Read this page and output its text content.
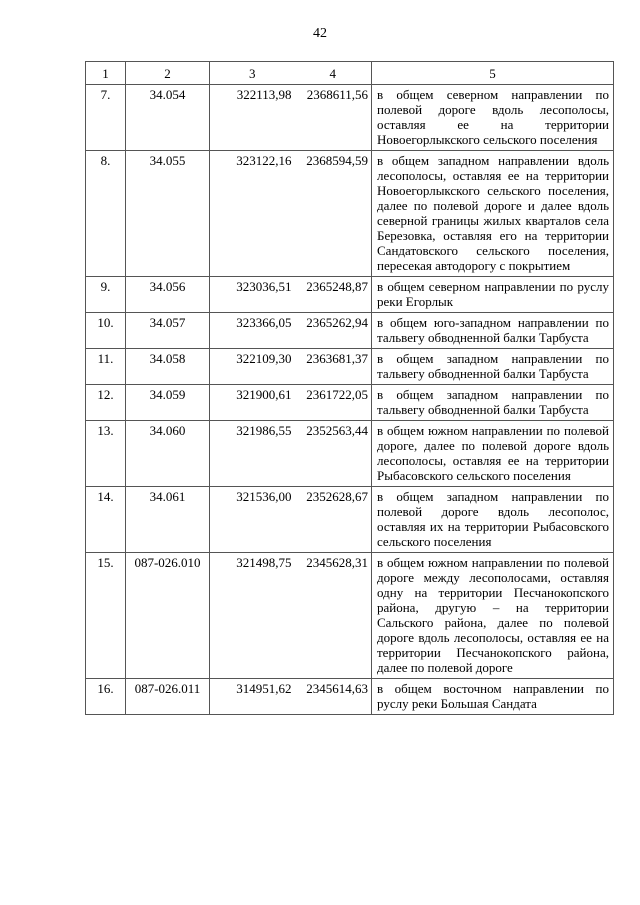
42
1	2	3	4	5
7.	34.054	322113,98	2368611,56	в общем северном направлении по полевой дороге вдоль лесополосы, оставляя ее на территории Новоегорлыкского сельского поселения
8.	34.055	323122,16	2368594,59	в общем западном направлении вдоль лесополосы, оставляя ее на территории Новоегорлыкского сельского поселения, далее по полевой дороге и далее вдоль северной границы жилых кварталов села Березовка, оставляя его на территории Сандатовского сельского поселения, пересекая автодорогу с покрытием
9.	34.056	323036,51	2365248,87	в общем северном направлении по руслу реки Егорлык
10.	34.057	323366,05	2365262,94	в общем юго-западном направлении по тальвегу обводненной балки Тарбуста
11.	34.058	322109,30	2363681,37	в общем западном направлении по тальвегу обводненной балки Тарбуста
12.	34.059	321900,61	2361722,05	в общем западном направлении по тальвегу обводненной балки Тарбуста
13.	34.060	321986,55	2352563,44	в общем южном направлении по полевой дороге, далее по полевой дороге вдоль лесополосы, оставляя ее на территории Рыбасовского сельского поселения
14.	34.061	321536,00	2352628,67	в общем западном направлении по полевой дороге вдоль лесополос, оставляя их на территории Рыбасовского сельского поселения
15.	087-026.010	321498,75	2345628,31	в общем южном направлении по полевой дороге между лесополосами, оставляя одну на территории Песчанокопского района, другую – на территории Сальского района, далее по полевой дороге вдоль лесополосы, оставляя ее на территории Песчанокопского района, далее по полевой дороге
16.	087-026.011	314951,62	2345614,63	в общем восточном направлении по руслу реки Большая Сандата
